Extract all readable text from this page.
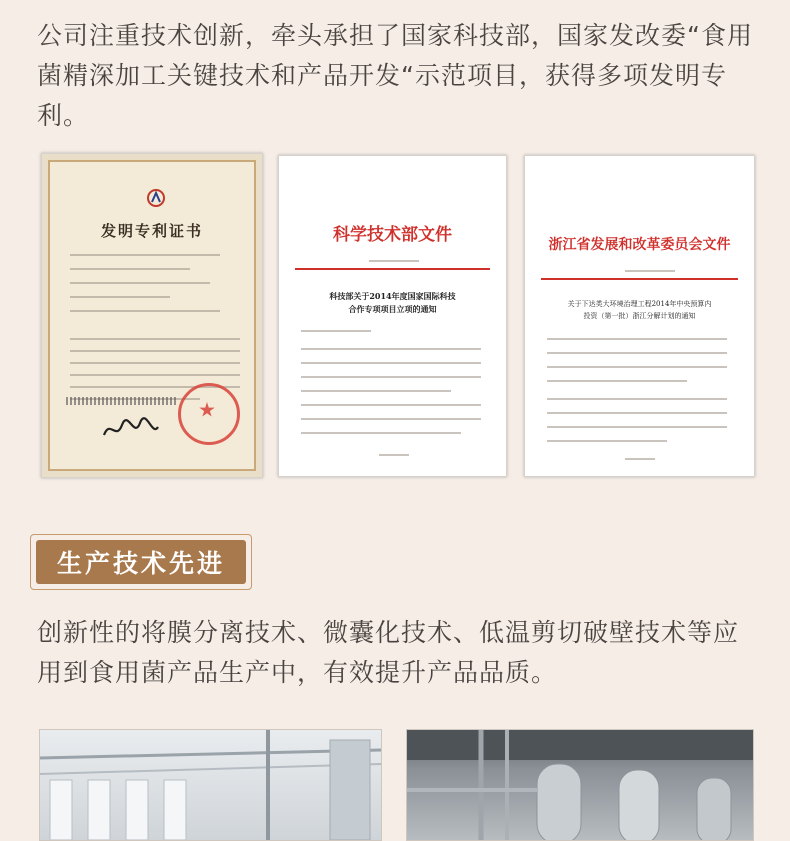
公司注重技术创新，牵头承担了国家科技部，国家发改委“食用菌精深加工关键技术和产品开发“示范项目，获得多项发明专利。

发明专利证书	科学技术部文件
科技部关于2014年度国家国际科技
合作专项项目立项的通知
浙江省发展和改革委员会文件
关于下达类大环境治理工程2014年中央预算内
投资（第一批）浙江分解计划的通知
生产技术先进

创新性的将膜分离技术、微囊化技术、低温剪切破壁技术等应用到食用菌产品生产中，有效提升产品品质。
